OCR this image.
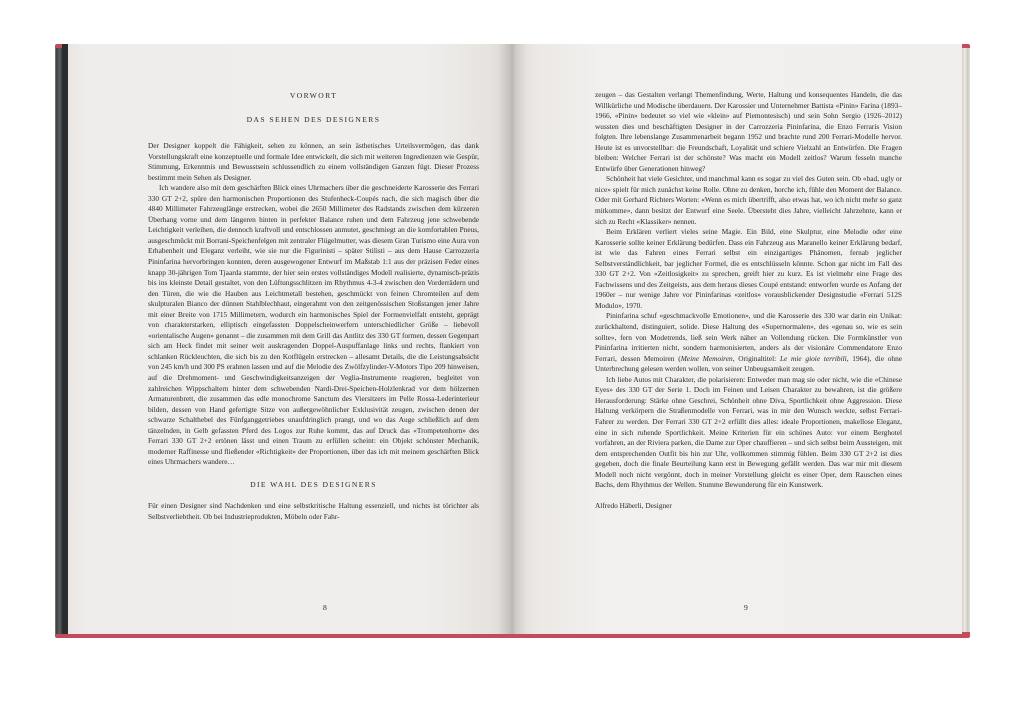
VORWORT

DAS SEHEN DES DESIGNERS

Der Designer koppelt die Fähigkeit, sehen zu können, an sein ästhetisches Urteilsvermögen, das dank Vorstellungskraft eine konzeptuelle und formale Idee entwickelt, die sich mit weiteren Ingredienzen wie Gespür, Stimmung, Erkenntnis und Bewusstsein schlussendlich zu einem vollständigen Ganzen fügt. Dieser Prozess bestimmt mein Sehen als Designer.

Ich wandere also mit dem geschärften Blick eines Uhrmachers über die geschneiderte Karosserie des Ferrari 330 GT 2+2, spüre den harmonischen Proportionen des Stufenheck-Coupés nach, die sich magisch über die 4840 Millimeter Fahrzeuglänge erstrecken, wobei die 2650 Millimeter des Radstands zwischen dem kürzeren Überhang vorne und dem längeren hinten in perfekter Balance ruhen und dem Fahrzeug jene schwebende Leichtigkeit verleihen, die dennoch kraftvoll und entschlossen anmutet, geschmiegt an die komfortablen Pneus, ausgeschmückt mit Borrani-Speichenfelgen mit zentraler Flügelmutter, was diesem Gran Turismo eine Aura von Erhabenheit und Eleganz verleiht, wie sie nur die Figurinisti – später Stilisti – aus dem Hause Carrozzeria Pininfarina hervorbringen konnten, deren ausgewogener Entwurf im Maßstab 1:1 aus der präzisen Feder eines knapp 30-jährigen Tom Tjaarda stammte, der hier sein erstes vollständiges Modell realisierte, dynamisch-präzis bis ins kleinste Detail gestaltet, von den Lüftungsschlitzen im Rhythmus 4-3-4 zwischen den Vorderrädern und den Türen, die wie die Hauben aus Leichtmetall bestehen, geschmückt von feinen Chromteilen auf dem skulpturalen Bianco der dünnen Stahlblechhaut, eingerahmt von den zeitgenössischen Stoßstangen jener Jahre mit einer Breite von 1715 Millimetern, wodurch ein harmonisches Spiel der Formenvielfalt entsteht, geprägt von charakterstarken, elliptisch eingefassten Doppelscheinwerfern unterschiedlicher Größe – liebevoll «orientalische Augen» genannt – die zusammen mit dem Grill das Antlitz des 330 GT formen, dessen Gegenpart sich am Heck findet mit seiner weit auskragenden Doppel-Auspuffanlage links und rechts, flankiert von schlanken Rückleuchten, die sich bis zu den Kotflügeln erstrecken – allesamt Details, die die Leistungsabsicht von 245 km/h und 300 PS erahnen lassen und auf die Melodie des Zwölfzylinder-V-Motors Tipo 209 hinweisen, auf die Drehmoment- und Geschwindigkeitsanzeigen der Veglia-Instrumente reagieren, begleitet von zahlreichen Wippschaltern hinter dem schwebenden Nardi-Drei-Speichen-Holzlenkrad vor dem hölzernen Armaturenbrett, die zusammen das edle monochrome Sanctum des Viersitzers im Pelle Rossa-Lederinterieur bilden, dessen von Hand gefertigte Sitze von außergewöhnlicher Exklusivität zeugen, zwischen denen der schwarze Schalthebel des Fünfganggetriebes unaufdringlich prangt, und wo das Auge schließlich auf dem tänzelnden, in Gelb gefassten Pferd des Logos zur Ruhe kommt, das auf Druck das «Trompetenhorn» des Ferrari 330 GT 2+2 ertönen lässt und einen Traum zu erfüllen scheint: ein Objekt schönster Mechanik, moderner Raffinesse und fließender «Richtigkeit» der Proportionen, über das ich mit meinem geschärften Blick eines Uhrmachers wandere…

DIE WAHL DES DESIGNERS

Für einen Designer sind Nachdenken und eine selbstkritische Haltung essenziell, und nichts ist törichter als Selbstverliebtheit. Ob bei Industrieprodukten, Möbeln oder Fahr-

8

zeugen – das Gestalten verlangt Themenfindung, Werte, Haltung und konsequentes Handeln, die das Willkürliche und Modische überdauern. Der Karossier und Unternehmer Battista «Pinin» Farina (1893–1966, «Pinin» bedeutet so viel wie «klein» auf Piemontesisch) und sein Sohn Sergio (1926–2012) wussten dies und beschäftigten Designer in der Carrozzeria Pininfarina, die Enzo Ferraris Vision folgten. Ihre lebenslange Zusammenarbeit begann 1952 und brachte rund 200 Ferrari-Modelle hervor. Heute ist es unvorstellbar: die Freundschaft, Loyalität und schiere Vielzahl an Entwürfen. Die Fragen bleiben: Welcher Ferrari ist der schönste? Was macht ein Modell zeitlos? Warum fesseln manche Entwürfe über Generationen hinweg?

Schönheit hat viele Gesichter, und manchmal kann es sogar zu viel des Guten sein. Ob «bad, ugly or nice» spielt für mich zunächst keine Rolle. Ohne zu denken, horche ich, fühle den Moment der Balance. Oder mit Gerhard Richters Worten: «Wenn es mich übertrifft, also etwas hat, wo ich nicht mehr so ganz mitkomme», dann besitzt der Entwurf eine Seele. Übersteht dies Jahre, vielleicht Jahrzehnte, kann er sich zu Recht «Klassiker» nennen.

Beim Erklären verliert vieles seine Magie. Ein Bild, eine Skulptur, eine Melodie oder eine Karosserie sollte keiner Erklärung bedürfen. Dass ein Fahrzeug aus Maranello keiner Erklärung bedarf, ist wie das Fahren eines Ferrari selbst ein einzigartiges Phänomen, fernab jeglicher Selbstverständlichkeit, bar jeglicher Formel, die es entschlüsseln könnte. Schon gar nicht im Fall des 330 GT 2+2. Von «Zeitlosigkeit» zu sprechen, greift hier zu kurz. Es ist vielmehr eine Frage des Fachwissens und des Zeitgeists, aus dem heraus dieses Coupé entstand: entworfen wurde es Anfang der 1960er – nur wenige Jahre vor Pininfarinas «zeitlos» vorausblickender Designstudie «Ferrari 512S Modulo», 1970.

Pininfarina schuf «geschmackvolle Emotionen», und die Karosserie des 330 war darin ein Unikat: zurückhaltend, distinguiert, solide. Diese Haltung des «Supernormalen», des «genau so, wie es sein sollte», fern von Modetrends, ließ sein Werk näher an Vollendung rücken. Die Formkünstler von Pininfarina irritierten nicht, sondern harmonisierten, anders als der visionäre Commendatore Enzo Ferrari, dessen Memoiren (Meine Memoiren, Originaltitel: Le mie gioie terribili, 1964), die ohne Unterbrechung gelesen werden wollen, von seiner Unbeugsamkeit zeugen.

Ich liebe Autos mit Charakter, die polarisieren: Entweder man mag sie oder nicht, wie die «Chinese Eyes» des 330 GT der Serie 1. Doch im Feinen und Leisen Charakter zu bewahren, ist die größere Herausforderung: Stärke ohne Geschrei, Schönheit ohne Diva, Sportlichkeit ohne Aggression. Diese Haltung verkörpern die Straßenmodelle von Ferrari, was in mir den Wunsch weckte, selbst Ferrari-Fahrer zu werden. Der Ferrari 330 GT 2+2 erfüllt dies alles: ideale Proportionen, makellose Eleganz, eine in sich ruhende Sportlichkeit. Meine Kriterien für ein schönes Auto: vor einem Berghotel vorfahren, an der Riviera parken, die Dame zur Oper chauffieren – und sich selbst beim Aussteigen, mit dem entsprechenden Outfit bis hin zur Uhr, vollkommen stimmig fühlen. Beim 330 GT 2+2 ist dies gegeben, doch die finale Beurteilung kann erst in Bewegung gefällt werden. Das war mir mit diesem Modell noch nicht vergönnt, doch in meiner Vorstellung gleicht es einer Oper, dem Rauschen eines Bachs, dem Rhythmus der Wellen. Stumme Bewunderung für ein Kunstwerk.

Alfredo Häberli, Designer
9
